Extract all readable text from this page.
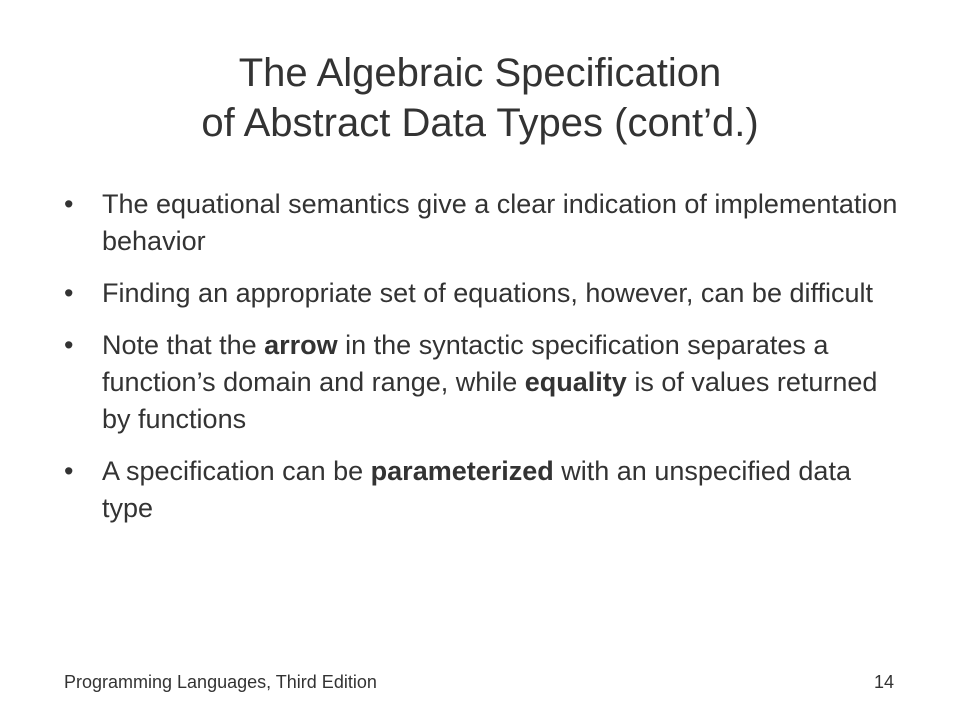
The Algebraic Specification
of Abstract Data Types (cont’d.)
• The equational semantics give a clear indication of implementation behavior
• Finding an appropriate set of equations, however, can be difficult
• Note that the arrow in the syntactic specification separates a function’s domain and range, while equality is of values returned by functions
• A specification can be parameterized with an unspecified data type
Programming Languages, Third Edition	14
